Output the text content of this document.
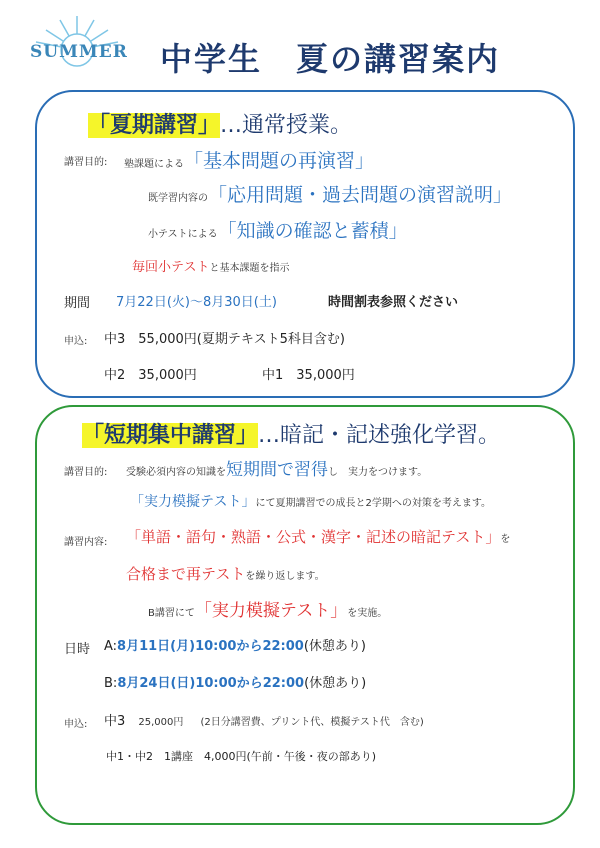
SUMMER 中学生　夏の講習案内
「夏期講習」…通常授業。
講習目的: 塾課題による「基本問題の再演習」
既学習内容の「応用問題・過去問題の演習説明」
小テストによる「知識の確認と蓄積」
毎回小テストと基本課題を指示
期間 7月22日(火)～8月30日(土)	時間割表参照ください
申込: 中3　55,000円(夏期テキスト5科目含む)
中2　35,000円	中1　35,000円
「短期集中講習」…暗記・記述強化学習。
講習目的: 受験必須内容の知識を短期間で習得し　実力をつけます。
「実力模擬テスト」にて夏期講習での成長と2学期への対策を考えます。
講習内容: 「単語・語句・熟語・公式・漢字・記述の暗記テスト」を
合格まで再テストを繰り返します。
B講習にて「実力模擬テスト」を実施。
日時 A:8月11日(月)10:00から22:00(休憩あり)
B:8月24日(日)10:00から22:00(休憩あり)
申込: 中3 25,000円 (2日分講習費、プリント代、模擬テスト代　含む)
中1・中2　1講座　4,000円(午前・午後・夜の部あり)
